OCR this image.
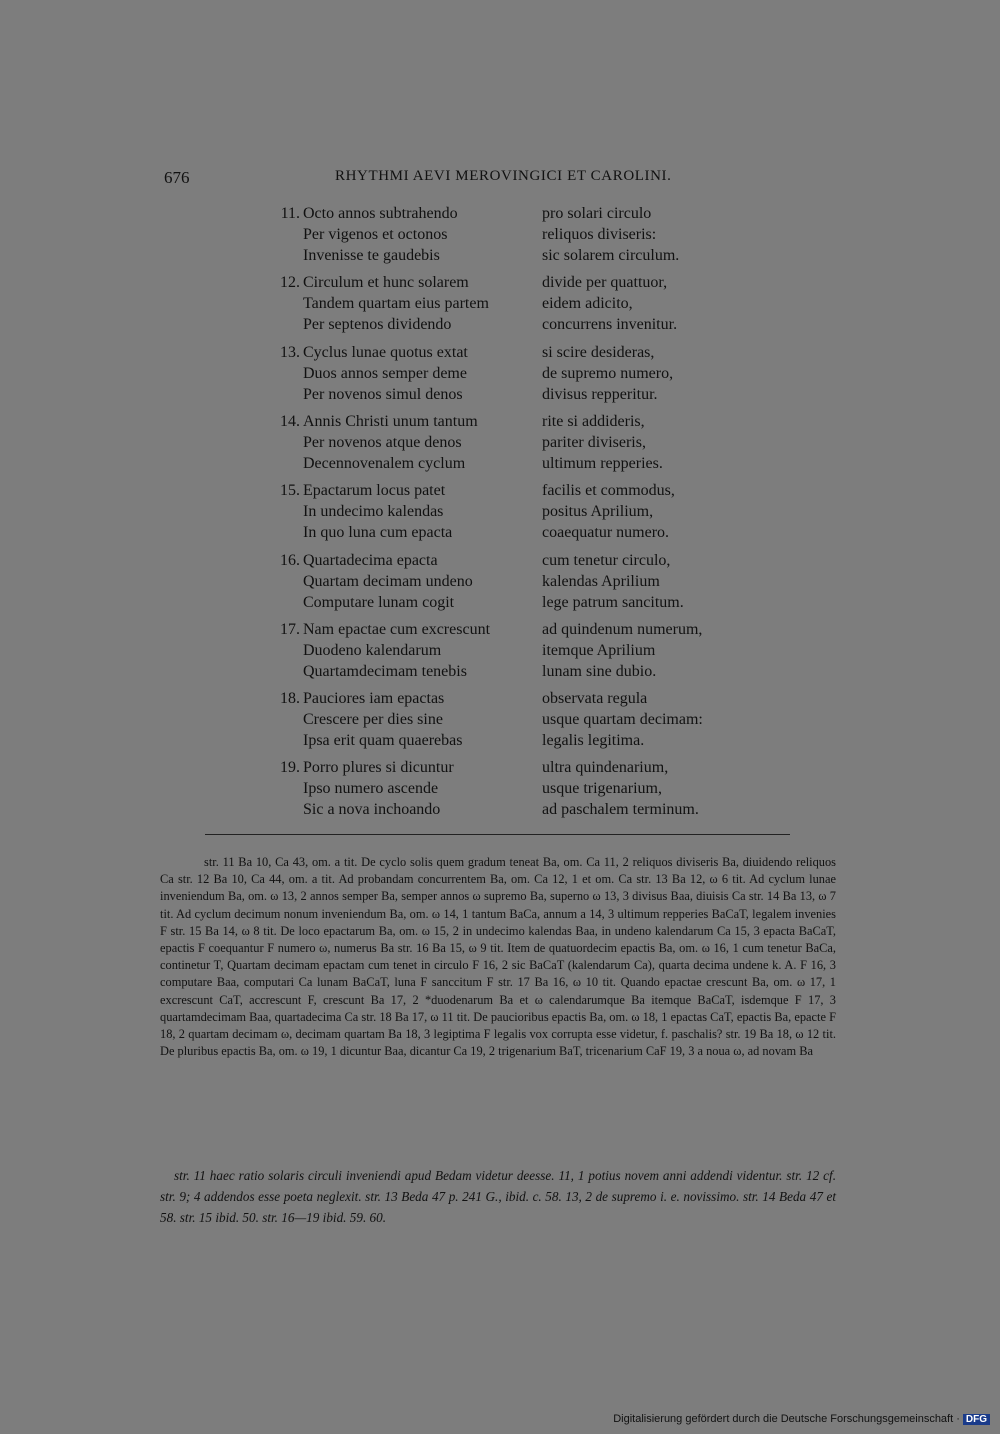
676	RHYTHMI AEVI MEROVINGICI ET CAROLINI.
11. Octo annos subtrahendo	pro solari circulo
Per vigenos et octonos	reliquos diviseris:
Invenisse te gaudebis	sic solarem circulum.
12. Circulum et hunc solarem	divide per quattuor,
Tandem quartam eius partem	eidem adicito,
Per septenos dividendo	concurrens invenitur.
13. Cyclus lunae quotus extat	si scire desideras,
Duos annos semper deme	de supremo numero,
Per novenos simul denos	divisus repperitur.
14. Annis Christi unum tantum	rite si addideris,
Per novenos atque denos	pariter diviseris,
Decennovenalem cyclum	ultimum repperies.
15. Epactarum locus patet	facilis et commodus,
In undecimo kalendas	positus Aprilium,
In quo luna cum epacta	coaequatur numero.
16. Quartadecima epacta	cum tenetur circulo,
Quartam decimam undeno	kalendas Aprilium
Computare lunam cogit	lege patrum sancitum.
17. Nam epactae cum excrescunt	ad quindenum numerum,
Duodeno kalendarum	itemque Aprilium
Quartamdecimam tenebis	lunam sine dubio.
18. Pauciores iam epactas	observata regula
Crescere per dies sine	usque quartam decimam:
Ipsa erit quam quaerebas	legalis legitima.
19. Porro plures si dicuntur	ultra quindenarium,
Ipso numero ascende	usque trigenarium,
Sic a nova inchoando	ad paschalem terminum.
str. 11 Ba 10, Ca 43, om. a tit. De cyclo solis quem gradum teneat Ba, om. Ca 11, 2 reliquos diviseris Ba, diuidendo reliquos Ca str. 12 Ba 10, Ca 44, om. a tit. Ad probandam concurrentem Ba, om. Ca 12, 1 et om. Ca str. 13 Ba 12, ω 6 tit. Ad cyclum lunae inveniendum Ba, om. ω 13, 2 annos semper Ba, semper annos ω supremo Ba, superno ω 13, 3 divisus Baa, diuisis Ca str. 14 Ba 13, ω 7 tit. Ad cyclum decimum nonum inveniendum Ba, om. ω 14, 1 tantum BaCa, annum a 14, 3 ultimum repperies BaCaT, legalem invenies F str. 15 Ba 14, ω 8 tit. De loco epactarum Ba, om. ω 15, 2 in undecimo kalendas Baa, in undeno kalendarum Ca 15, 3 epacta BaCaT, epactis F coequantur F numero ω, numerus Ba str. 16 Ba 15, ω 9 tit. Item de quatuordecim epactis Ba, om. ω 16, 1 cum tenetur BaCa, continetur T, Quartam decimam epactam cum tenet in circulo F 16, 2 sic BaCaT (kalendarum Ca), quarta decima undene k. A. F 16, 3 computare Baa, computari Ca lunam BaCaT, luna F sanccitum F str. 17 Ba 16, ω 10 tit. Quando epactae crescunt Ba, om. ω 17, 1 excrescunt CaT, accrescunt F, crescunt Ba 17, 2 *duodenarum Ba et ω calendarumque Ba itemque BaCaT, isdemque F 17, 3 quartamdecimam Baa, quartadecima Ca str. 18 Ba 17, ω 11 tit. De paucioribus epactis Ba, om. ω 18, 1 epactas CaT, epactis Ba, epacte F 18, 2 quartam decimam ω, decimam quartam Ba 18, 3 legiptima F legalis vox corrupta esse videtur, f. paschalis? str. 19 Ba 18, ω 12 tit. De pluribus epactis Ba, om. ω 19, 1 dicuntur Baa, dicantur Ca 19, 2 trigenarium BaT, tricenarium CaF 19, 3 a noua ω, ad novam Ba
str. 11 haec ratio solaris circuli inveniendi apud Bedam videtur deesse. 11, 1 potius novem anni addendi videntur. str. 12 cf. str. 9; 4 addendos esse poeta neglexit. str. 13 Beda 47 p. 241 G., ibid. c. 58. 13, 2 de supremo i. e. novissimo. str. 14 Beda 47 et 58. str. 15 ibid. 50. str. 16—19 ibid. 59. 60.
Digitalisierung gefördert durch die Deutsche Forschungsgemeinschaft · DFG
